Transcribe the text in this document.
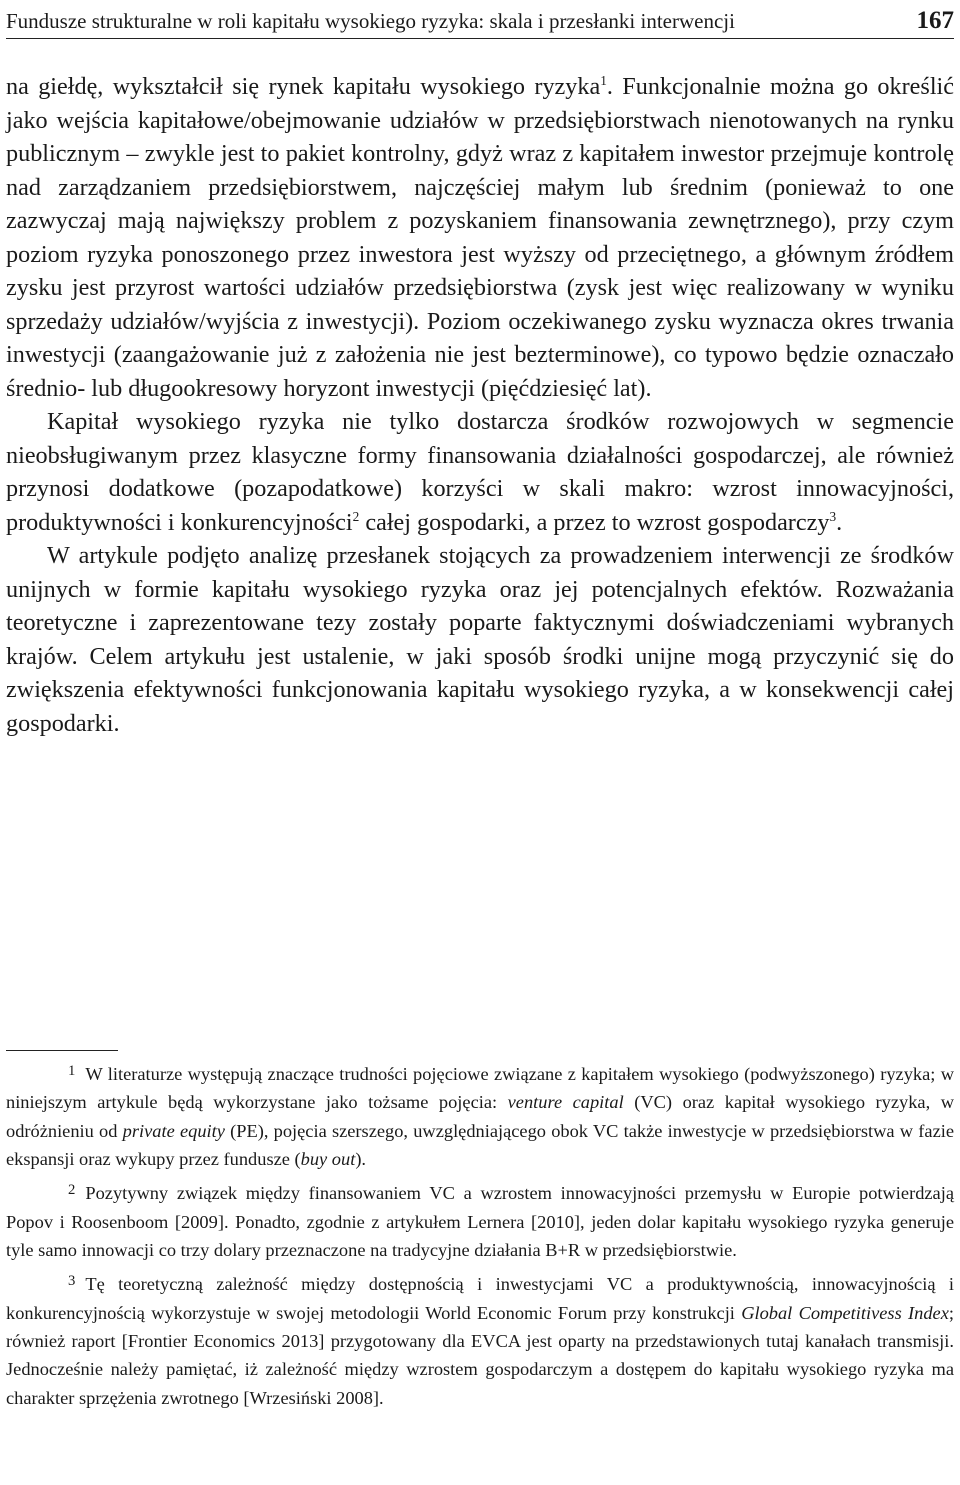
Fundusze strukturalne w roli kapitału wysokiego ryzyka: skala i przesłanki interwencji	167

na giełdę, wykształcił się rynek kapitału wysokiego ryzyka$^1$. Funkcjonalnie można go określić jako wejścia kapitałowe/obejmowanie udziałów w przedsiębiorstwach nienotowanych na rynku publicznym – zwykle jest to pakiet kontrolny, gdyż wraz z kapitałem inwestor przejmuje kontrolę nad zarządzaniem przedsiębiorstwem, najczęściej małym lub średnim (ponieważ to one zazwyczaj mają największy problem z pozyskaniem finansowania zewnętrznego), przy czym poziom ryzyka ponoszonego przez inwestora jest wyższy od przeciętnego, a głównym źródłem zysku jest przyrost wartości udziałów przedsiębiorstwa (zysk jest więc realizowany w wyniku sprzedaży udziałów/wyjścia z inwestycji). Poziom oczekiwanego zysku wyznacza okres trwania inwestycji (zaangażowanie już z założenia nie jest bezterminowe), co typowo będzie oznaczało średnio- lub długookresowy horyzont inwestycji (pięćdziesięć lat).

Kapitał wysokiego ryzyka nie tylko dostarcza środków rozwojowych w segmencie nieobsługiwanym przez klasyczne formy finansowania działalności gospodarczej, ale również przynosi dodatkowe (pozapodatkowe) korzyści w skali makro: wzrost innowacyjności, produktywności i konkurencyjności$^2$ całej gospodarki, a przez to wzrost gospodarczy$^3$.

W artykule podjęto analizę przesłanek stojących za prowadzeniem interwencji ze środków unijnych w formie kapitału wysokiego ryzyka oraz jej potencjalnych efektów. Rozważania teoretyczne i zaprezentowane tezy zostały poparte faktycznymi doświadczeniami wybranych krajów. Celem artykułu jest ustalenie, w jaki sposób środki unijne mogą przyczynić się do zwiększenia efektywności funkcjonowania kapitału wysokiego ryzyka, a w konsekwencji całej gospodarki.

$^1$ W literaturze występują znaczące trudności pojęciowe związane z kapitałem wysokiego (podwyższonego) ryzyka; w niniejszym artykule będą wykorzystane jako tożsame pojęcia: venture capital (VC) oraz kapitał wysokiego ryzyka, w odróżnieniu od private equity (PE), pojęcia szerszego, uwzględniającego obok VC także inwestycje w przedsiębiorstwa w fazie ekspansji oraz wykupy przez fundusze (buy out).

$^2$ Pozytywny związek między finansowaniem VC a wzrostem innowacyjności przemysłu w Europie potwierdzają Popov i Roosenboom [2009]. Ponadto, zgodnie z artykułem Lernera [2010], jeden dolar kapitału wysokiego ryzyka generuje tyle samo innowacji co trzy dolary przeznaczone na tradycyjne działania B+R w przedsiębiorstwie.

$^3$ Tę teoretyczną zależność między dostępnością i inwestycjami VC a produktywnością, innowacyjnością i konkurencyjnością wykorzystuje w swojej metodologii World Economic Forum przy konstrukcji Global Competitivess Index; również raport [Frontier Economics 2013] przygotowany dla EVCA jest oparty na przedstawionych tutaj kanałach transmisji. Jednocześnie należy pamiętać, iż zależność między wzrostem gospodarczym a dostępem do kapitału wysokiego ryzyka ma charakter sprzężenia zwrotnego [Wrzesiński 2008].
